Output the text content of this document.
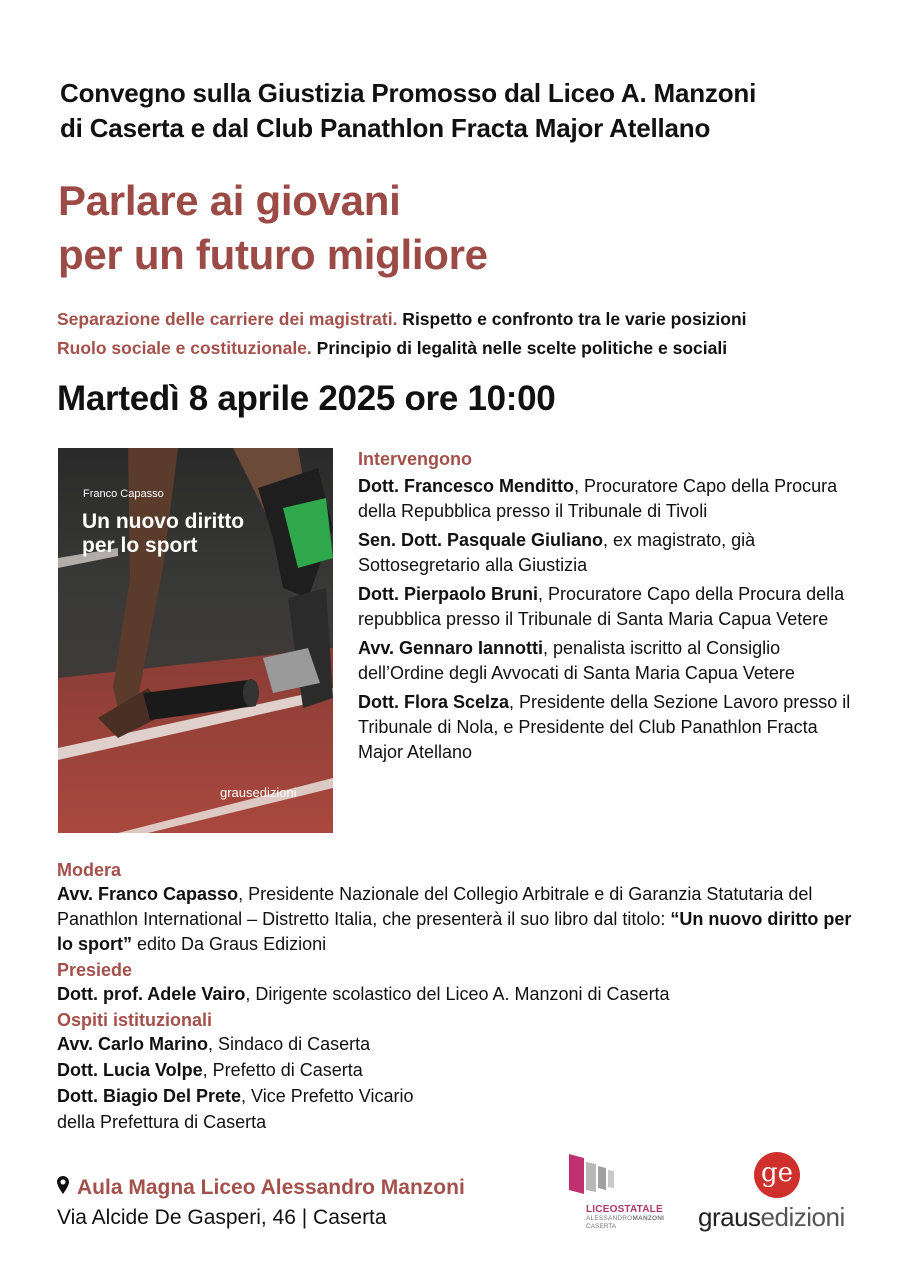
Convegno sulla Giustizia Promosso dal Liceo A. Manzoni
di Caserta e dal Club Panathlon Fracta Major Atellano
Parlare ai giovani
per un futuro migliore
Separazione delle carriere dei magistrati. Rispetto e confronto tra le varie posizioni
Ruolo sociale e costituzionale. Principio di legalità nelle scelte politiche e sociali
Martedì 8 aprile 2025 ore 10:00
Franco Capasso
Un nuovo diritto
per lo sport
grausedizioni
Intervengono
Dott. Francesco Menditto, Procuratore Capo della Procura della Repubblica presso il Tribunale di Tivoli
Sen. Dott. Pasquale Giuliano, ex magistrato, già Sottosegretario alla Giustizia
Dott. Pierpaolo Bruni, Procuratore Capo della Procura della repubblica presso il Tribunale di Santa Maria Capua Vetere
Avv. Gennaro Iannotti, penalista iscritto al Consiglio dell’Ordine degli Avvocati di Santa Maria Capua Vetere
Dott. Flora Scelza, Presidente della Sezione Lavoro presso il Tribunale di Nola, e Presidente del Club Panathlon Fracta Major Atellano
Modera

Avv. Franco Capasso, Presidente Nazionale del Collegio Arbitrale e di Garanzia Statutaria del Panathlon International – Distretto Italia, che presenterà il suo libro dal titolo: “Un nuovo diritto per lo sport” edito Da Graus Edizioni

Presiede

Dott. prof. Adele Vairo, Dirigente scolastico del Liceo A. Manzoni di Caserta

Ospiti istituzionali

Avv. Carlo Marino, Sindaco di Caserta

Dott. Lucia Volpe, Prefetto di Caserta

Dott. Biagio Del Prete, Vice Prefetto Vicario

della Prefettura di Caserta

Aula Magna Liceo Alessandro Manzoni
Via Alcide De Gasperi, 46 | Caserta	LICEOSTATALE
ALESSANDROMANZONI
CASERTA
ge
grausedizioni
